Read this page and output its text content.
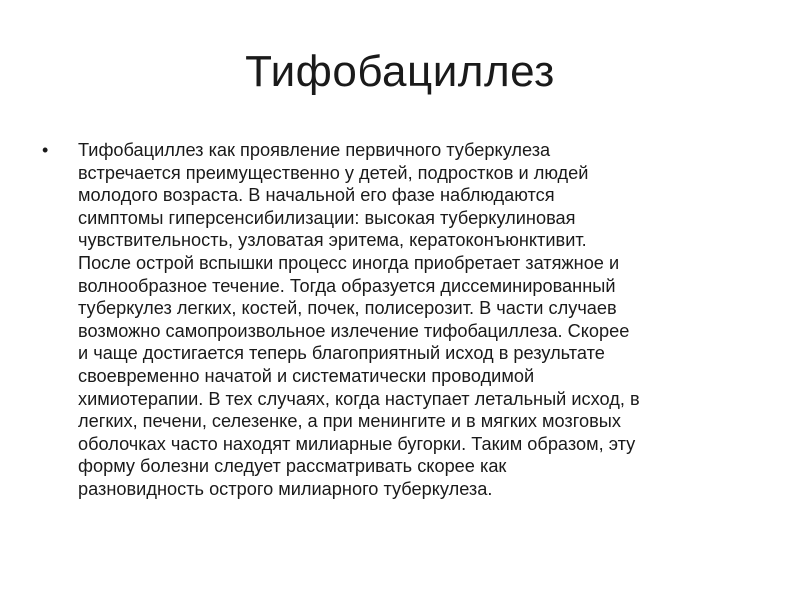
Тифобациллез
• Тифобациллез как проявление первичного туберкулеза
встречается преимущественно у детей, подростков и людей
молодого возраста. В начальной его фазе наблюдаются
симптомы гиперсенсибилизации: высокая туберкулиновая
чувствительность, узловатая эритема, кератоконъюнктивит.
После острой вспышки процесс иногда приобретает затяжное и
волнообразное течение. Тогда образуется диссеминированный
туберкулез легких, костей, почек, полисерозит. В части случаев
возможно самопроизвольное излечение тифобациллеза. Скорее
и чаще достигается теперь благоприятный исход в результате
своевременно начатой и систематически проводимой
химиотерапии. В тех случаях, когда наступает летальный исход, в
легких, печени, селезенке, а при менингите и в мягких мозговых
оболочках часто находят милиарные бугорки. Таким образом, эту
форму болезни следует рассматривать скорее как
разновидность острого милиарного туберкулеза.
